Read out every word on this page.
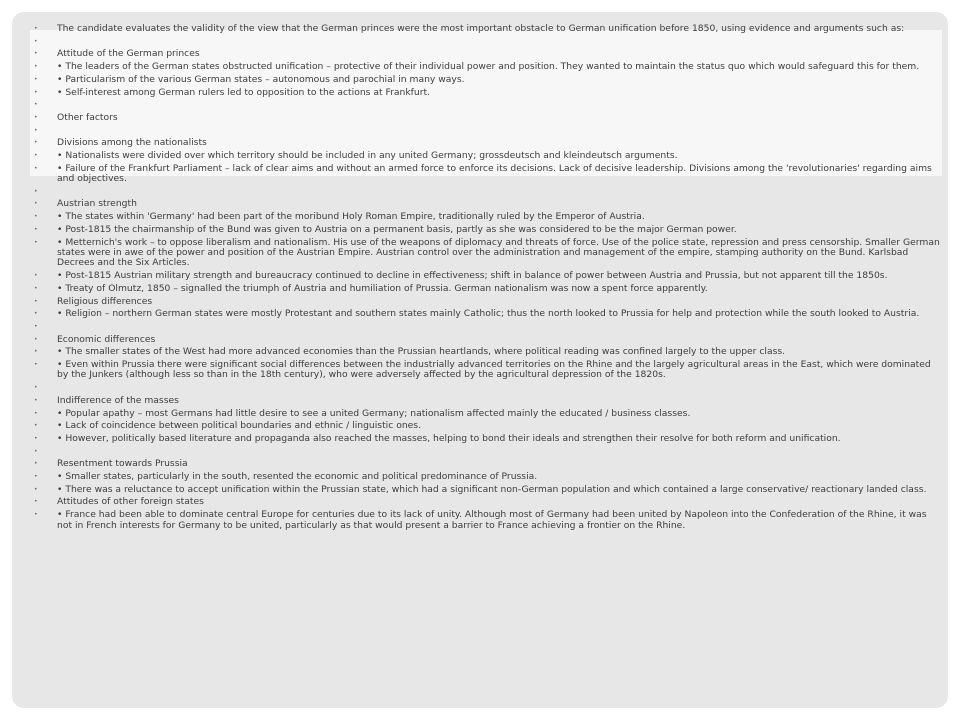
• The candidate evaluates the validity of the view that the German princes were the most important obstacle to German unification before 1850, using evidence and arguments such as:
•
• Attitude of the German princes
• • The leaders of the German states obstructed unification – protective of their individual power and position. They wanted to maintain the status quo which would safeguard this for them.
• • Particularism of the various German states – autonomous and parochial in many ways.
• • Self-interest among German rulers led to opposition to the actions at Frankfurt.
•
• Other factors
•
• Divisions among the nationalists
• • Nationalists were divided over which territory should be included in any united Germany; grossdeutsch and kleindeutsch arguments.
• • Failure of the Frankfurt Parliament – lack of clear aims and without an armed force to enforce its decisions. Lack of decisive leadership. Divisions among the 'revolutionaries' regarding aims and objectives.
•
• Austrian strength
• • The states within 'Germany' had been part of the moribund Holy Roman Empire, traditionally ruled by the Emperor of Austria.
• • Post-1815 the chairmanship of the Bund was given to Austria on a permanent basis, partly as she was considered to be the major German power.
• • Metternich's work – to oppose liberalism and nationalism. His use of the weapons of diplomacy and threats of force. Use of the police state, repression and press censorship. Smaller German states were in awe of the power and position of the Austrian Empire. Austrian control over the administration and management of the empire, stamping authority on the Bund. Karlsbad Decrees and the Six Articles.
• • Post-1815 Austrian military strength and bureaucracy continued to decline in effectiveness; shift in balance of power between Austria and Prussia, but not apparent till the 1850s.
• • Treaty of Olmutz, 1850 – signalled the triumph of Austria and humiliation of Prussia. German nationalism was now a spent force apparently.
• Religious differences
• • Religion – northern German states were mostly Protestant and southern states mainly Catholic; thus the north looked to Prussia for help and protection while the south looked to Austria.
•
• Economic differences
• • The smaller states of the West had more advanced economies than the Prussian heartlands, where political reading was confined largely to the upper class.
• • Even within Prussia there were significant social differences between the industrially advanced territories on the Rhine and the largely agricultural areas in the East, which were dominated by the Junkers (although less so than in the 18th century), who were adversely affected by the agricultural depression of the 1820s.
•
• Indifference of the masses
• • Popular apathy – most Germans had little desire to see a united Germany; nationalism affected mainly the educated / business classes.
• • Lack of coincidence between political boundaries and ethnic / linguistic ones.
• • However, politically based literature and propaganda also reached the masses, helping to bond their ideals and strengthen their resolve for both reform and unification.
•
• Resentment towards Prussia
• • Smaller states, particularly in the south, resented the economic and political predominance of Prussia.
• • There was a reluctance to accept unification within the Prussian state, which had a significant non-German population and which contained a large conservative/ reactionary landed class.
• Attitudes of other foreign states
• • France had been able to dominate central Europe for centuries due to its lack of unity. Although most of Germany had been united by Napoleon into the Confederation of the Rhine, it was not in French interests for Germany to be united, particularly as that would present a barrier to France achieving a frontier on the Rhine.
